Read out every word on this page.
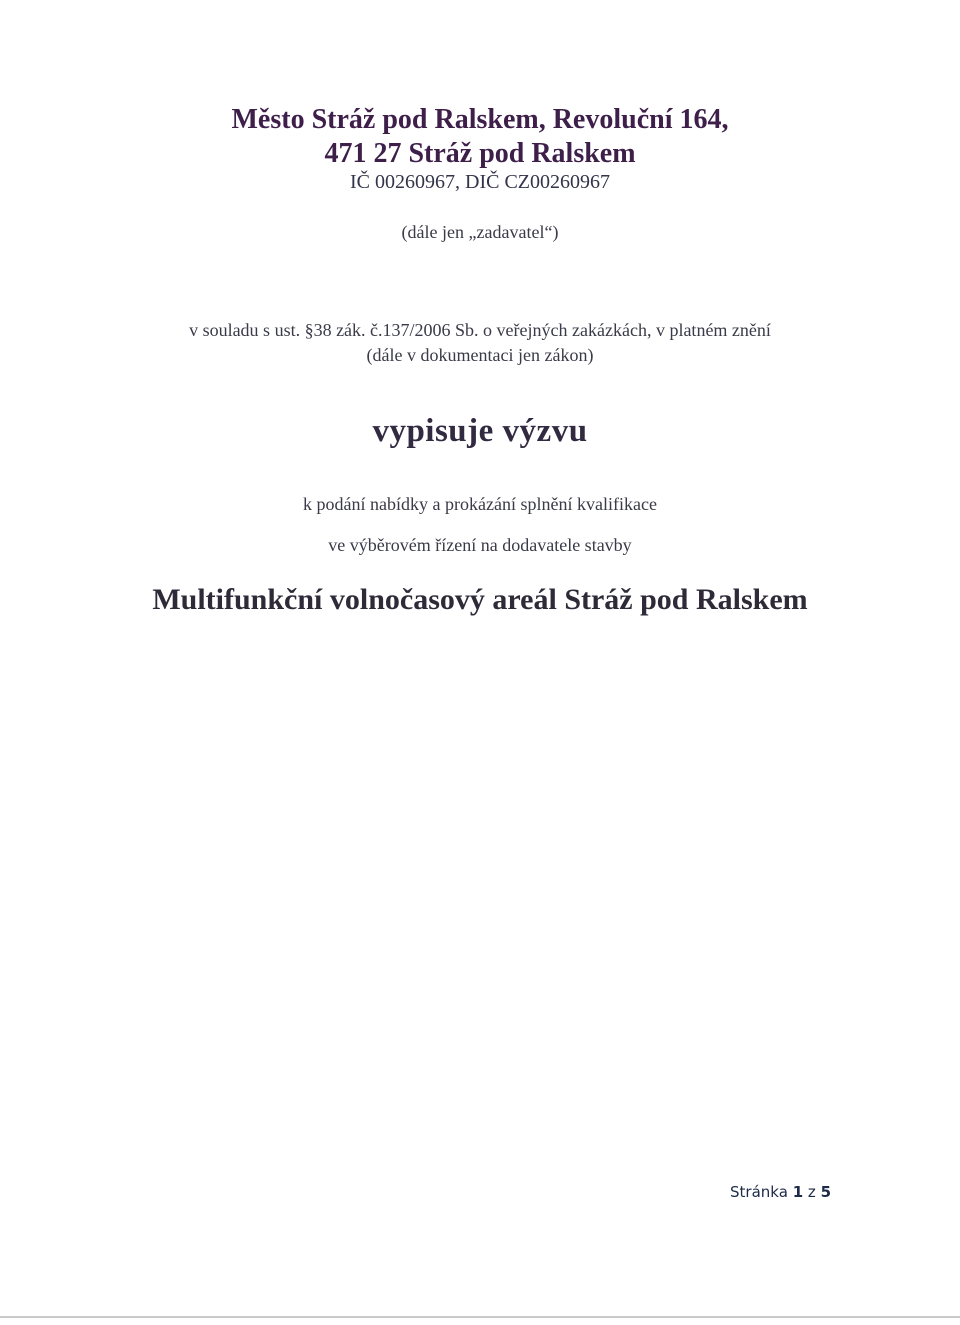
Město Stráž pod Ralskem, Revoluční 164,
471 27 Stráž pod Ralskem
IČ 00260967, DIČ CZ00260967
(dále jen „zadavatel“)
v souladu s ust. §38 zák. č.137/2006 Sb. o veřejných zakázkách, v platném znění
(dále v dokumentaci jen zákon)
vypisuje výzvu
k podání nabídky a prokázání splnění kvalifikace
ve výběrovém řízení na dodavatele stavby
Multifunkční volnočasový areál Stráž pod Ralskem
Stránka 1 z 5
